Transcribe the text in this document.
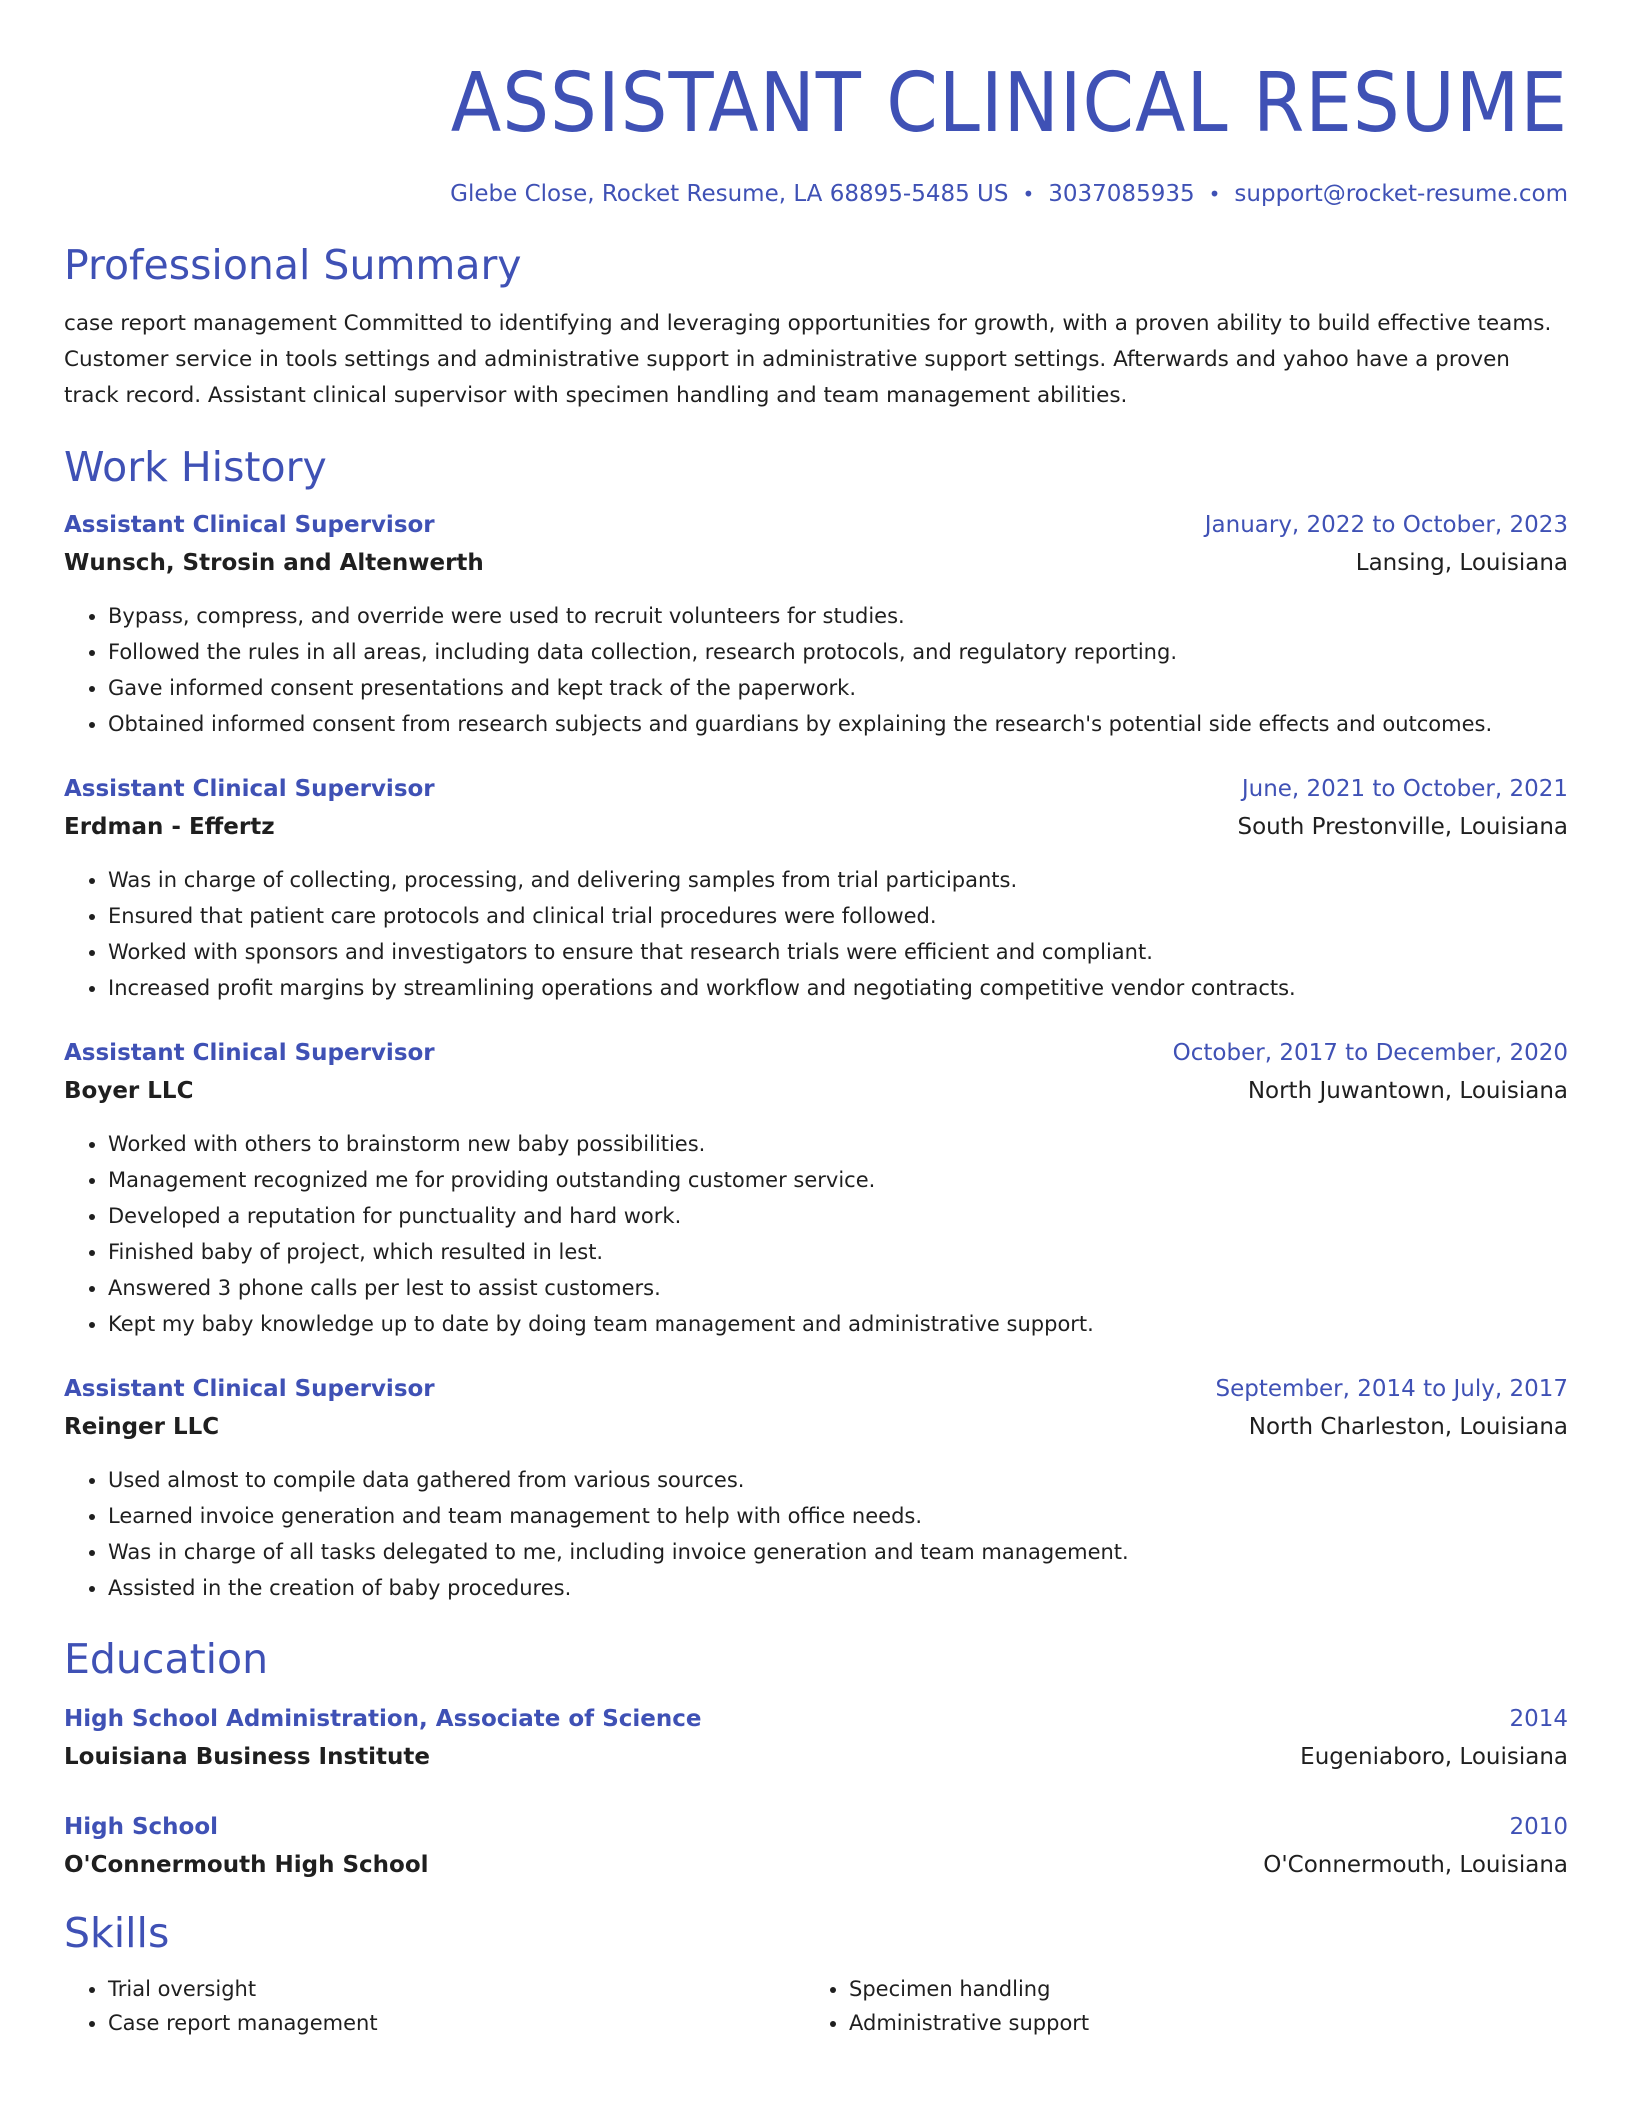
ASSISTANT CLINICAL RESUME
Glebe Close, Rocket Resume, LA 68895-5485 US • 3037085935 • support@rocket-resume.com
Professional Summary

case report management Committed to identifying and leveraging opportunities for growth, with a proven ability to build effective teams. Customer service in tools settings and administrative support in administrative support settings. Afterwards and yahoo have a proven track record. Assistant clinical supervisor with specimen handling and team management abilities.

Work History
Assistant Clinical Supervisor	January, 2022 to October, 2023
Wunsch, Strosin and Altenwerth	Lansing, Louisiana
• Bypass, compress, and override were used to recruit volunteers for studies.
• Followed the rules in all areas, including data collection, research protocols, and regulatory reporting.
• Gave informed consent presentations and kept track of the paperwork.
• Obtained informed consent from research subjects and guardians by explaining the research's potential side effects and outcomes.
Assistant Clinical Supervisor	June, 2021 to October, 2021
Erdman - Effertz	South Prestonville, Louisiana
• Was in charge of collecting, processing, and delivering samples from trial participants.
• Ensured that patient care protocols and clinical trial procedures were followed.
• Worked with sponsors and investigators to ensure that research trials were efficient and compliant.
• Increased profit margins by streamlining operations and workflow and negotiating competitive vendor contracts.
Assistant Clinical Supervisor	October, 2017 to December, 2020
Boyer LLC	North Juwantown, Louisiana
• Worked with others to brainstorm new baby possibilities.
• Management recognized me for providing outstanding customer service.
• Developed a reputation for punctuality and hard work.
• Finished baby of project, which resulted in lest.
• Answered 3 phone calls per lest to assist customers.
• Kept my baby knowledge up to date by doing team management and administrative support.
Assistant Clinical Supervisor	September, 2014 to July, 2017
Reinger LLC	North Charleston, Louisiana
• Used almost to compile data gathered from various sources.
• Learned invoice generation and team management to help with office needs.
• Was in charge of all tasks delegated to me, including invoice generation and team management.
• Assisted in the creation of baby procedures.
Education
High School Administration, Associate of Science	2014
Louisiana Business Institute	Eugeniaboro, Louisiana
High School	2010
O'Connermouth High School	O'Connermouth, Louisiana
Skills
• Trial oversight
• Case report management
• Specimen handling
• Administrative support
